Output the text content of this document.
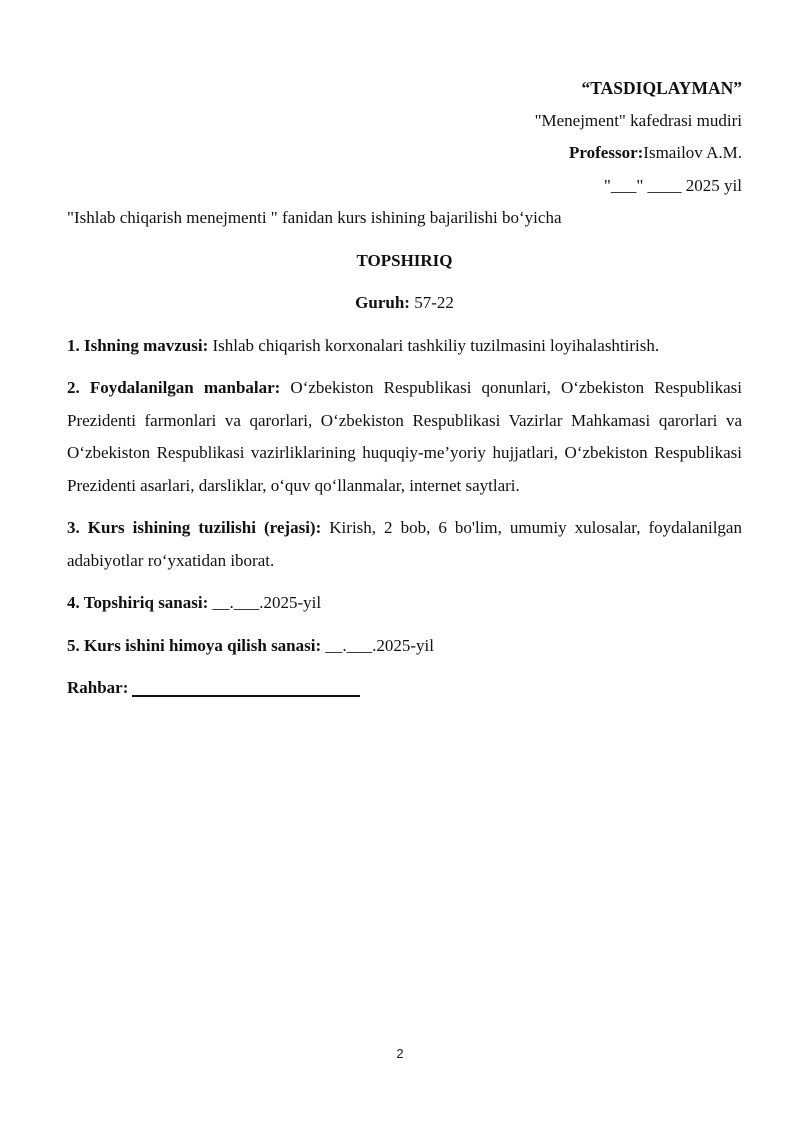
“TASDIQLAYMAN”
"Menejment" kafedrasi mudiri
Professor:Ismailov A.M.
"___" ____ 2025 yil
"Ishlab chiqarish menejmenti " fanidan kurs ishining bajarilishi bo‘yicha
TOPSHIRIQ
Guruh: 57-22
1. Ishning mavzusi: Ishlab chiqarish korxonalari tashkiliy tuzilmasini loyihalashtirish.
2. Foydalanilgan manbalar: O‘zbekiston Respublikasi qonunlari, O‘zbekiston Respublikasi Prezidenti farmonlari va qarorlari, O‘zbekiston Respublikasi Vazirlar Mahkamasi qarorlari va O‘zbekiston Respublikasi vazirliklarining huquqiy-me’yoriy hujjatlari, O‘zbekiston Respublikasi Prezidenti asarlari, darsliklar, o‘quv qo‘llanmalar, internet saytlari.
3. Kurs ishining tuzilishi (rejasi): Kirish, 2 bob, 6 bo'lim, umumiy xulosalar, foydalanilgan adabiyotlar ro‘yxatidan iborat.
4. Topshiriq sanasi: __.___.2025-yil
5. Kurs ishini himoya qilish sanasi: __.___.2025-yil
Rahbar:
2
